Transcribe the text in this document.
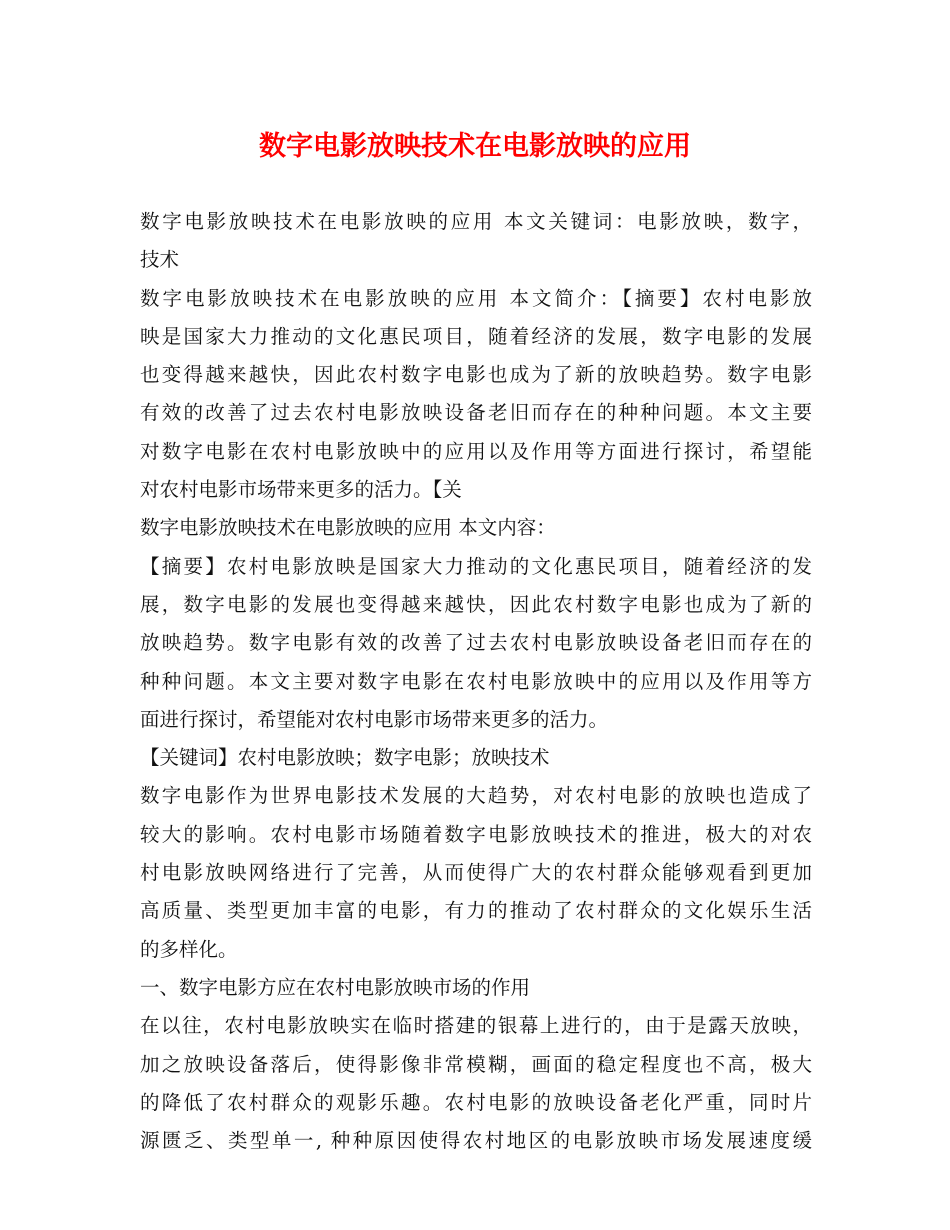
数字电影放映技术在电影放映的应用
数字电影放映技术在电影放映的应用 本文关键词：电影放映，数字，
技术
数字电影放映技术在电影放映的应用 本文简介：【摘要】农村电影放
映是国家大力推动的文化惠民项目，随着经济的发展，数字电影的发展
也变得越来越快，因此农村数字电影也成为了新的放映趋势。数字电影
有效的改善了过去农村电影放映设备老旧而存在的种种问题。本文主要
对数字电影在农村电影放映中的应用以及作用等方面进行探讨，希望能
对农村电影市场带来更多的活力。【关
数字电影放映技术在电影放映的应用 本文内容：
【摘要】农村电影放映是国家大力推动的文化惠民项目，随着经济的发
展，数字电影的发展也变得越来越快，因此农村数字电影也成为了新的
放映趋势。数字电影有效的改善了过去农村电影放映设备老旧而存在的
种种问题。本文主要对数字电影在农村电影放映中的应用以及作用等方
面进行探讨，希望能对农村电影市场带来更多的活力。
【关键词】农村电影放映；数字电影；放映技术
数字电影作为世界电影技术发展的大趋势，对农村电影的放映也造成了
较大的影响。农村电影市场随着数字电影放映技术的推进，极大的对农
村电影放映网络进行了完善，从而使得广大的农村群众能够观看到更加
高质量、类型更加丰富的电影，有力的推动了农村群众的文化娱乐生活
的多样化。
一、数字电影方应在农村电影放映市场的作用
在以往，农村电影放映实在临时搭建的银幕上进行的，由于是露天放映，
加之放映设备落后，使得影像非常模糊，画面的稳定程度也不高，极大
的降低了农村群众的观影乐趣。农村电影的放映设备老化严重，同时片
源匮乏、类型单一, 种种原因使得农村地区的电影放映市场发展速度缓
